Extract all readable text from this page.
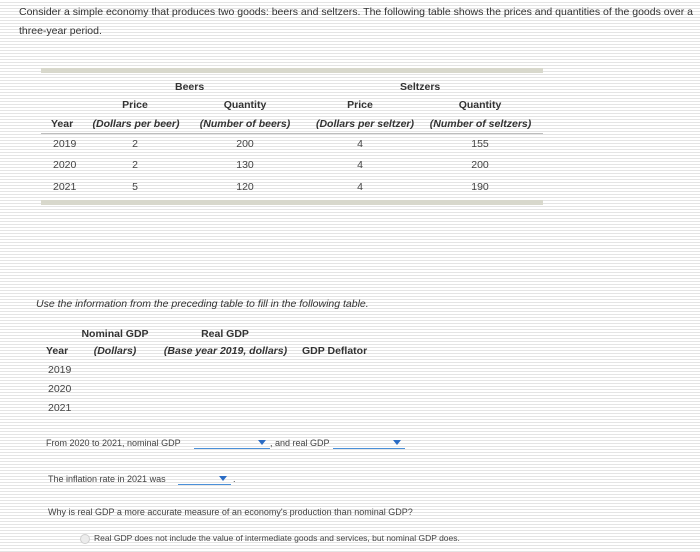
Consider a simple economy that produces two goods: beers and seltzers. The following table shows the prices and quantities of the goods over a three-year period.
Beers	Seltzers
Price	Quantity	Price	Quantity
Year	(Dollars per beer)	(Number of beers)	(Dollars per seltzer)	(Number of seltzers)
2019	2	200	4	155
2020	2	130	4	200
2021	5	120	4	190
Use the information from the preceding table to fill in the following table.
Nominal GDP	Real GDP
Year	(Dollars)	(Base year 2019, dollars)	GDP Deflator
2019
2020
2021
From 2020 to 2021, nominal GDP	, and real GDP
The inflation rate in 2021 was	.
Why is real GDP a more accurate measure of an economy's production than nominal GDP?
Real GDP does not include the value of intermediate goods and services, but nominal GDP does.
